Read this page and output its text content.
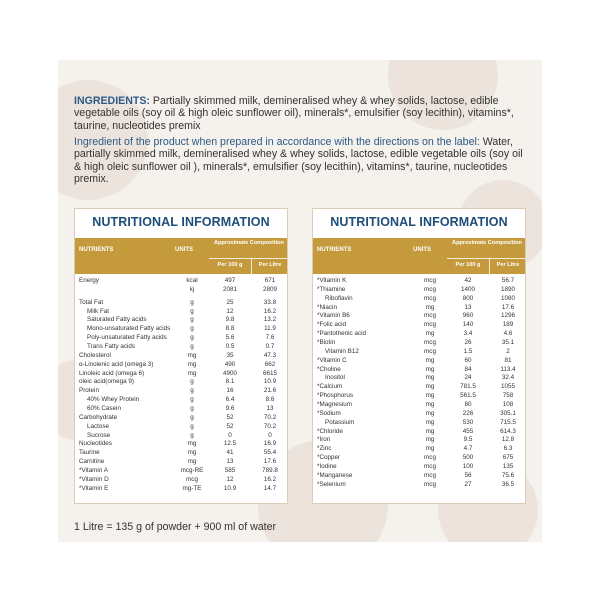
INGREDIENTS: Partially skimmed milk, demineralised whey & whey solids, lactose, edible vegetable oils (soy oil & high oleic sunflower oil), minerals*, emulsifier (soy lecithin), vitamins*, taurine, nucleotides premix
Ingredient of the product when prepared in accordance with the directions on the label: Water, partially skimmed milk, demineralised whey & whey solids, lactose, edible vegetable oils (soy oil & high oleic sunflower oil ), minerals*, emulsifier (soy lecithin), vitamins*, taurine, nucleotides premix.
NUTRITIONAL INFORMATION
NUTRIENTS	UNITS
Approximate Composition
Per 100 g	Per Litre
Energy	kcal	497	671
kj	2081	2809
Total Fat	g	25	33.8
Milk Fat	g	12	16.2
Saturated Fatty acids	g	9.8	13.2
Mono-unsaturated Fatty acids	g	8.8	11.9
Poly-unsaturated Fatty acids	g	5.6	7.6
Trans Fatty acids	g	0.5	0.7
Cholesterol	mg	35	47.3
α-Linolenic acid (omega 3)	mg	490	662
Linoleic acid (omega 6)	mg	4900	6615
oleic acid(omega 9)	g	8.1	10.9
Protein	g	16	21.6
40% Whey Protein	g	6.4	8.6
60% Casein	g	9.6	13
Carbohydrate	g	52	70.2
Lactose	g	52	70.2
Sucrose	g	0	0
Nucleotides	mg	12.5	16.9
Taurine	mg	41	55.4
Carnitine	mg	13	17.6
*Vitamin A	mcg-RE	585	789.8
*Vitamin D	mcg	12	16.2
*Vitamin E	mg-TE	10.9	14.7
NUTRITIONAL INFORMATION
NUTRIENTS	UNITS
Approximate Composition
Per 100 g	Per Litre
*Vitamin K	mcg	42	56.7
*Thiamine	mcg	1400	1890
Riboflavin	mcg	800	1080
*Niacin	mg	13	17.6
*Vitamin B6	mcg	960	1296
*Folic acid	mcg	140	189
*Pantothenic acid	mg	3.4	4.6
*Biotin	mcg	26	35.1
Vitamin B12	mcg	1.5	2
*Vitamin C	mg	60	81
*Choline	mg	84	113.4
Inositol	mg	24	32.4
*Calcium	mg	781.5	1055
*Phosphorus	mg	561.5	758
*Magnesium	mg	80	108
*Sodium	mg	226	305.1
Potassium	mg	530	715.5
*Chloride	mg	455	614.3
*Iron	mg	9.5	12.8
*Zinc	mg	4.7	6.3
*Copper	mcg	500	675
*Iodine	mcg	100	135
*Manganese	mcg	56	75.6
*Selenium	mcg	27	36.5
1 Litre = 135 g of powder + 900 ml of water
